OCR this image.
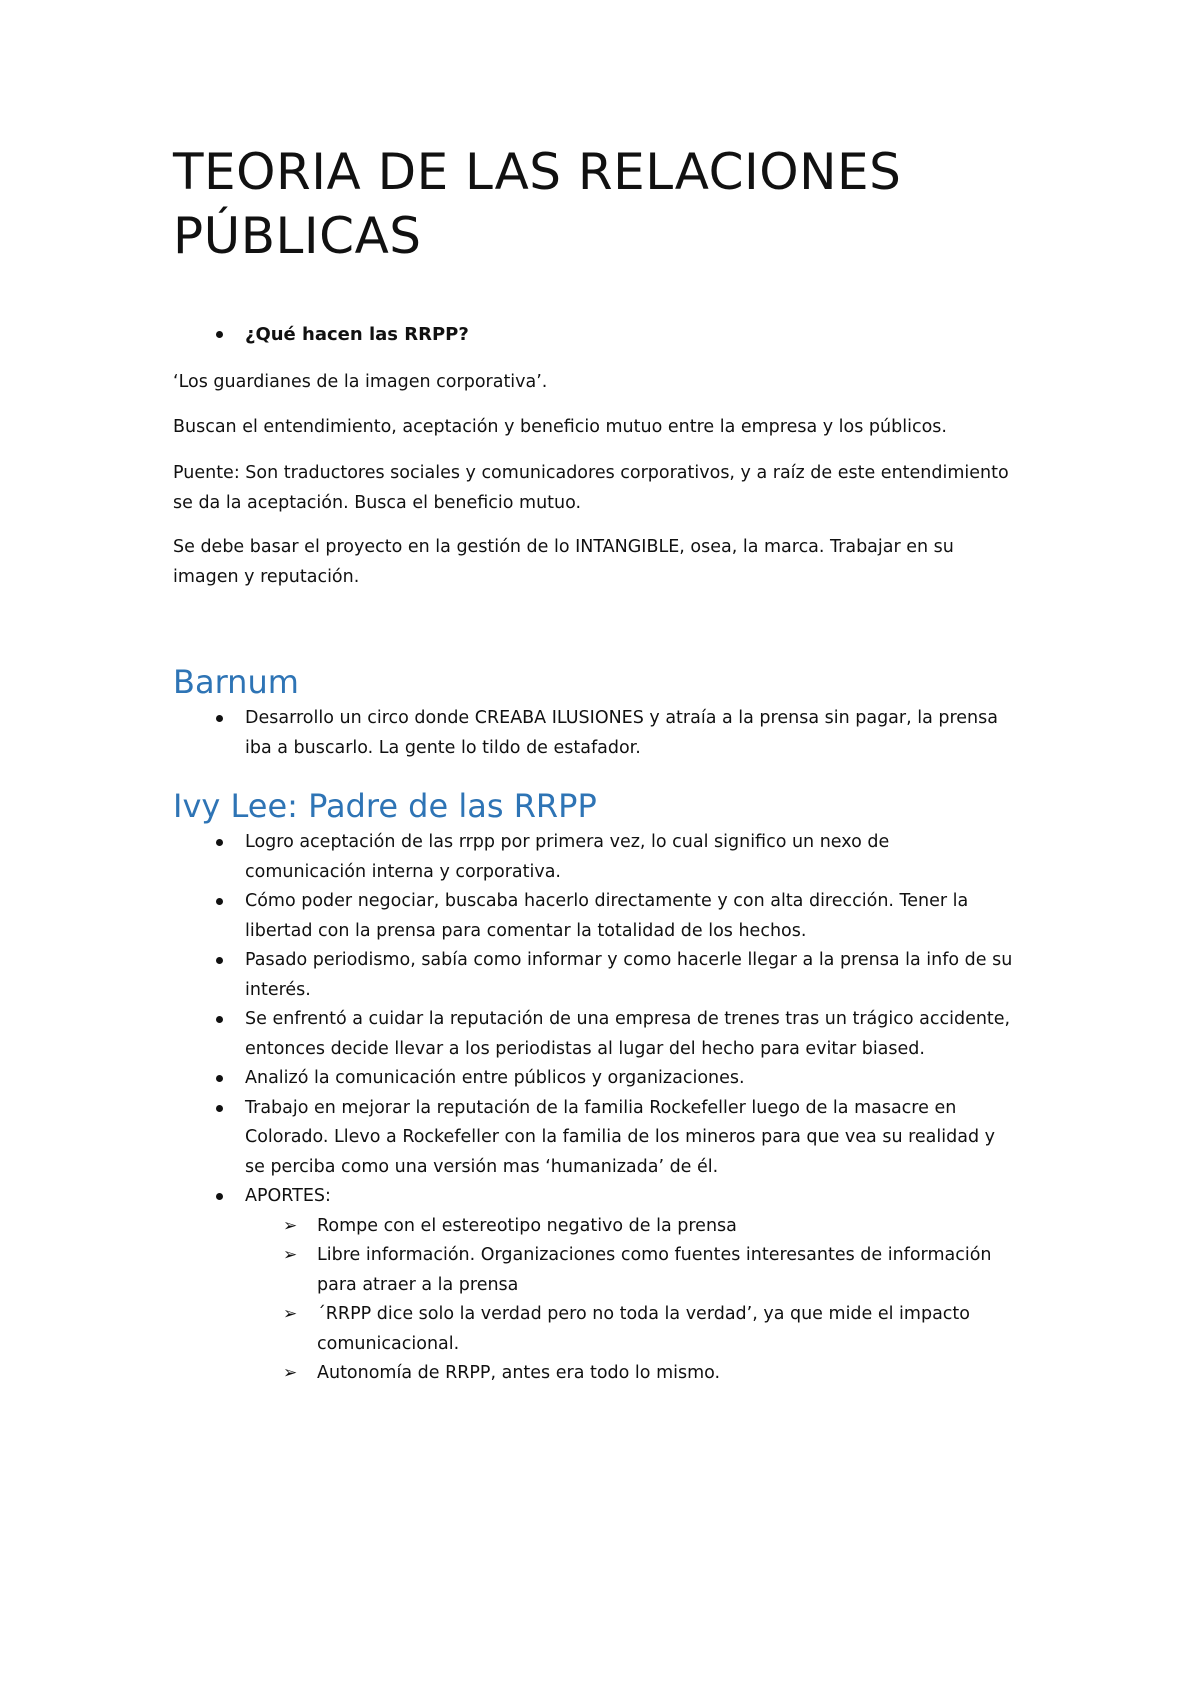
TEORIA DE LAS RELACIONES
PÚBLICAS
¿Qué hacen las RRPP?

‘Los guardianes de la imagen corporativa’.

Buscan el entendimiento, aceptación y beneficio mutuo entre la empresa y los públicos.

Puente: Son traductores sociales y comunicadores corporativos, y a raíz de este entendimiento
se da la aceptación. Busca el beneficio mutuo.

Se debe basar el proyecto en la gestión de lo INTANGIBLE, osea, la marca. Trabajar en su
imagen y reputación.

Barnum
Desarrollo un circo donde CREABA ILUSIONES y atraía a la prensa sin pagar, la prensa
iba a buscarlo. La gente lo tildo de estafador.
Ivy Lee: Padre de las RRPP
Logro aceptación de las rrpp por primera vez, lo cual significo un nexo de
comunicación interna y corporativa.
Cómo poder negociar, buscaba hacerlo directamente y con alta dirección. Tener la
libertad con la prensa para comentar la totalidad de los hechos.
Pasado periodismo, sabía como informar y como hacerle llegar a la prensa la info de su
interés.
Se enfrentó a cuidar la reputación de una empresa de trenes tras un trágico accidente,
entonces decide llevar a los periodistas al lugar del hecho para evitar biased.
Analizó la comunicación entre públicos y organizaciones.
Trabajo en mejorar la reputación de la familia Rockefeller luego de la masacre en
Colorado. Llevo a Rockefeller con la familia de los mineros para que vea su realidad y
se perciba como una versión mas ‘humanizada’ de él.
APORTES:
➢ Rompe con el estereotipo negativo de la prensa
➢ Libre información. Organizaciones como fuentes interesantes de información
para atraer a la prensa
➢ ´RRPP dice solo la verdad pero no toda la verdad’, ya que mide el impacto
comunicacional.
➢ Autonomía de RRPP, antes era todo lo mismo.
